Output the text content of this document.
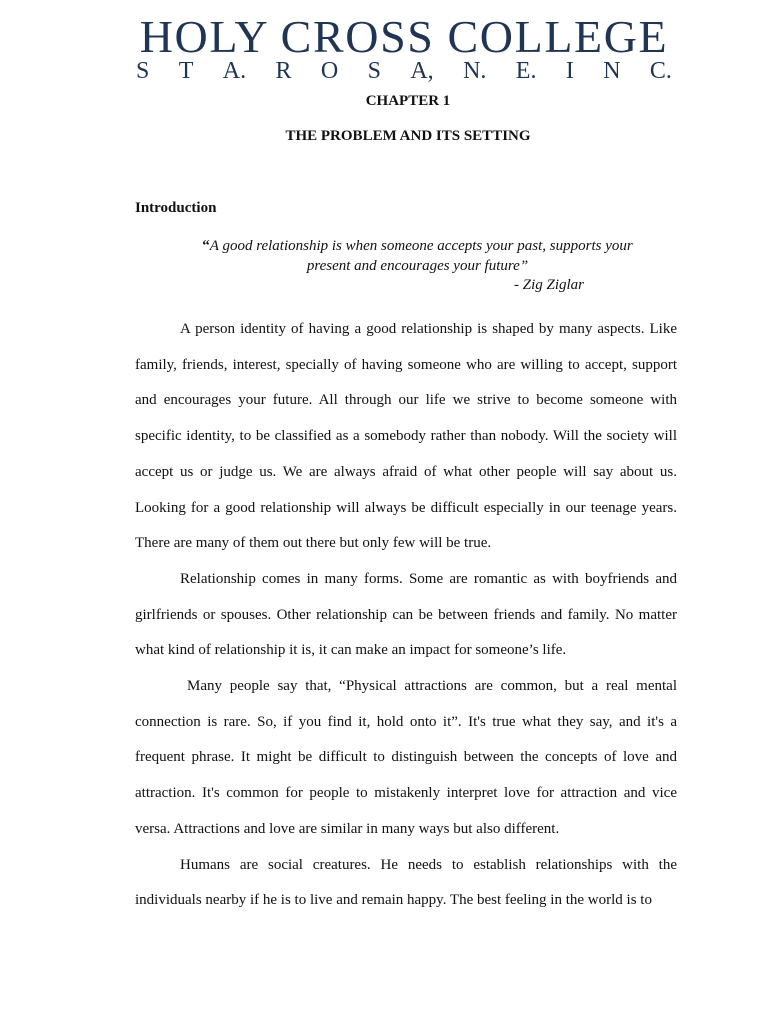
HOLY CROSS COLLEGE
S T A. R O S A, N. E. I N C.
CHAPTER 1
THE PROBLEM AND ITS SETTING
Introduction
“A good relationship is when someone accepts your past, supports your present and encourages your future”
- Zig Ziglar

A person identity of having a good relationship is shaped by many aspects. Like family, friends, interest, specially of having someone who are willing to accept, support and encourages your future. All through our life we strive to become someone with specific identity, to be classified as a somebody rather than nobody. Will the society will accept us or judge us. We are always afraid of what other people will say about us. Looking for a good relationship will always be difficult especially in our teenage years. There are many of them out there but only few will be true.

Relationship comes in many forms. Some are romantic as with boyfriends and girlfriends or spouses. Other relationship can be between friends and family. No matter what kind of relationship it is, it can make an impact for someone’s life.

Many people say that, “Physical attractions are common, but a real mental connection is rare. So, if you find it, hold onto it”. It's true what they say, and it's a frequent phrase. It might be difficult to distinguish between the concepts of love and attraction. It's common for people to mistakenly interpret love for attraction and vice versa. Attractions and love are similar in many ways but also different.

Humans are social creatures. He needs to establish relationships with the individuals nearby if he is to live and remain happy. The best feeling in the world is to
